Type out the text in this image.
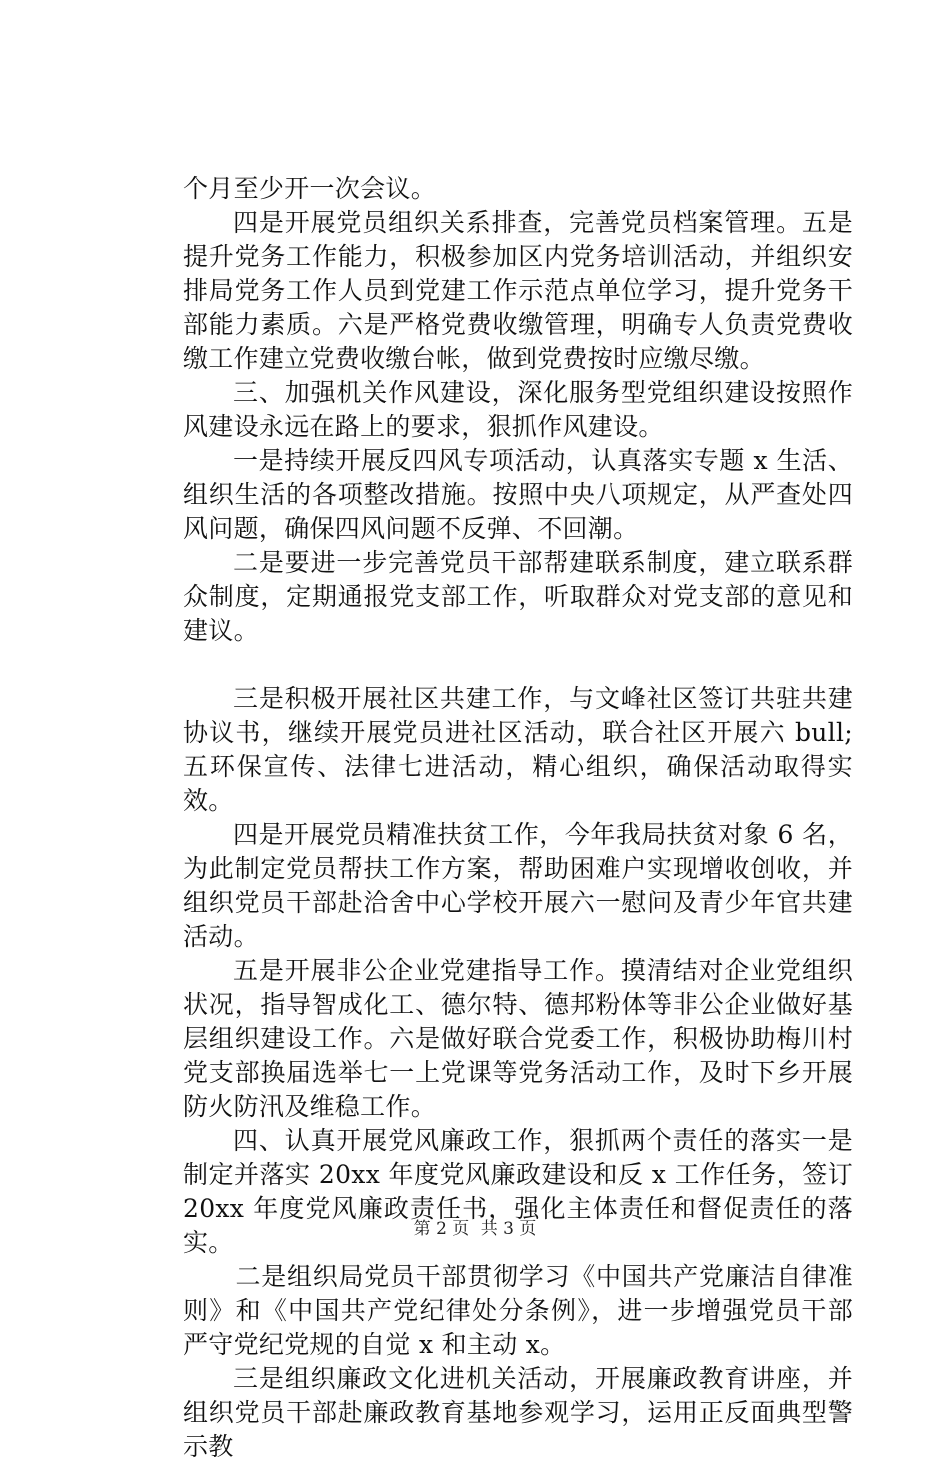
个月至少开一次会议。

四是开展党员组织关系排查，完善党员档案管理。五是提升党务工作能力，积极参加区内党务培训活动，并组织安排局党务工作人员到党建工作示范点单位学习，提升党务干部能力素质。六是严格党费收缴管理，明确专人负责党费收缴工作建立党费收缴台帐，做到党费按时应缴尽缴。

三、加强机关作风建设，深化服务型党组织建设按照作风建设永远在路上的要求，狠抓作风建设。

一是持续开展反四风专项活动，认真落实专题 x 生活、组织生活的各项整改措施。按照中央八项规定，从严查处四风问题，确保四风问题不反弹、不回潮。

二是要进一步完善党员干部帮建联系制度，建立联系群众制度，定期通报党支部工作，听取群众对党支部的意见和建议。

三是积极开展社区共建工作，与文峰社区签订共驻共建协议书，继续开展党员进社区活动，联合社区开展六 bull;五环保宣传、法律七进活动，精心组织，确保活动取得实效。

四是开展党员精准扶贫工作，今年我局扶贫对象 6 名，为此制定党员帮扶工作方案，帮助困难户实现增收创收，并组织党员干部赴洽舍中心学校开展六一慰问及青少年官共建活动。

五是开展非公企业党建指导工作。摸清结对企业党组织状况，指导智成化工、德尔特、德邦粉体等非公企业做好基层组织建设工作。六是做好联合党委工作，积极协助梅川村党支部换届选举七一上党课等党务活动工作，及时下乡开展防火防汛及维稳工作。

四、认真开展党风廉政工作，狠抓两个责任的落实一是制定并落实 20xx 年度党风廉政建设和反 x 工作任务，签订 20xx 年度党风廉政责任书，强化主体责任和督促责任的落实。

二是组织局党员干部贯彻学习《中国共产党廉洁自律准则》和《中国共产党纪律处分条例》，进一步增强党员干部严守党纪党规的自觉 x 和主动 x。

三是组织廉政文化进机关活动，开展廉政教育讲座，并组织党员干部赴廉政教育基地参观学习，运用正反面典型警示教

第 2 页 共 3 页
